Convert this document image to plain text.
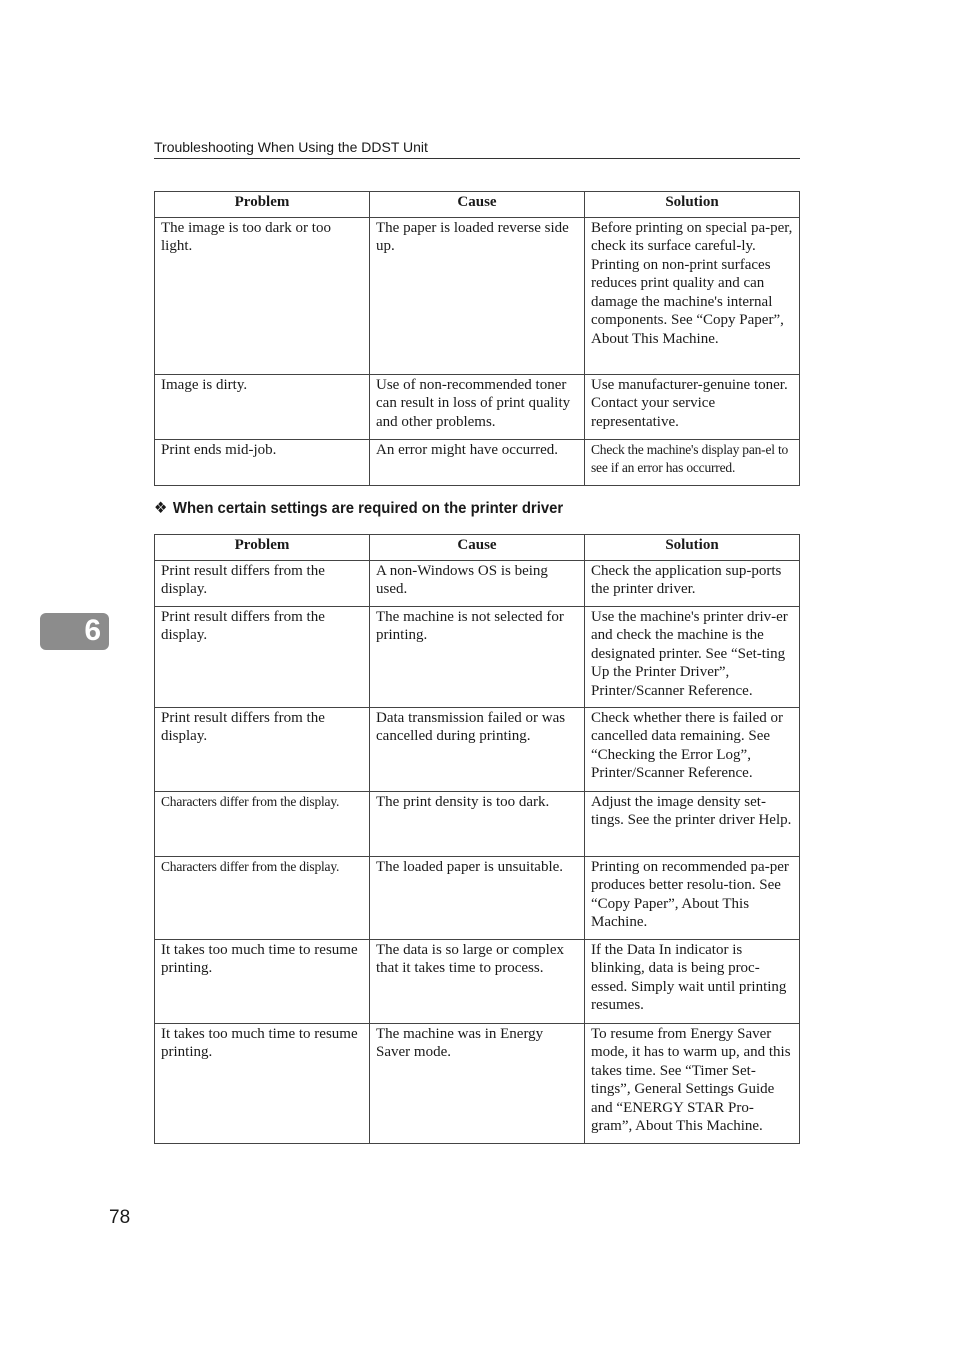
Troubleshooting When Using the DDST Unit
Problem	Cause	Solution
The image is too dark or too light.	The paper is loaded reverse side up.	Before printing on special pa-per, check its surface careful-ly. Printing on non-print surfaces reduces print quality and can damage the machine's internal components. See “Copy Paper”, About This Machine.
Image is dirty.	Use of non-recommended toner can result in loss of print quality and other problems.	Use manufacturer-genuine toner. Contact your service representative.
Print ends mid-job.	An error might have occurred.	Check the machine's display pan-el to see if an error has occurred.
❖ When certain settings are required on the printer driver
Problem	Cause	Solution
Print result differs from the display.	A non-Windows OS is being used.	Check the application sup-ports the printer driver.
Print result differs from the display.	The machine is not selected for printing.	Use the machine's printer driv-er and check the machine is the designated printer. See “Set-ting Up the Printer Driver”, Printer/Scanner Reference.
Print result differs from the display.	Data transmission failed or was cancelled during printing.	Check whether there is failed or cancelled data remaining. See “Checking the Error Log”, Printer/Scanner Reference.
Characters differ from the display.	The print density is too dark.	Adjust the image density set-tings. See the printer driver Help.
Characters differ from the display.	The loaded paper is unsuitable.	Printing on recommended pa-per produces better resolu-tion. See “Copy Paper”, About This Machine.
It takes too much time to resume printing.	The data is so large or complex that it takes time to process.	If the Data In indicator is blinking, data is being proc-essed. Simply wait until printing resumes.
It takes too much time to resume printing.	The machine was in Energy Saver mode.	To resume from Energy Saver mode, it has to warm up, and this takes time. See “Timer Set-tings”, General Settings Guide and “ENERGY STAR Pro-gram”, About This Machine.
6
78
